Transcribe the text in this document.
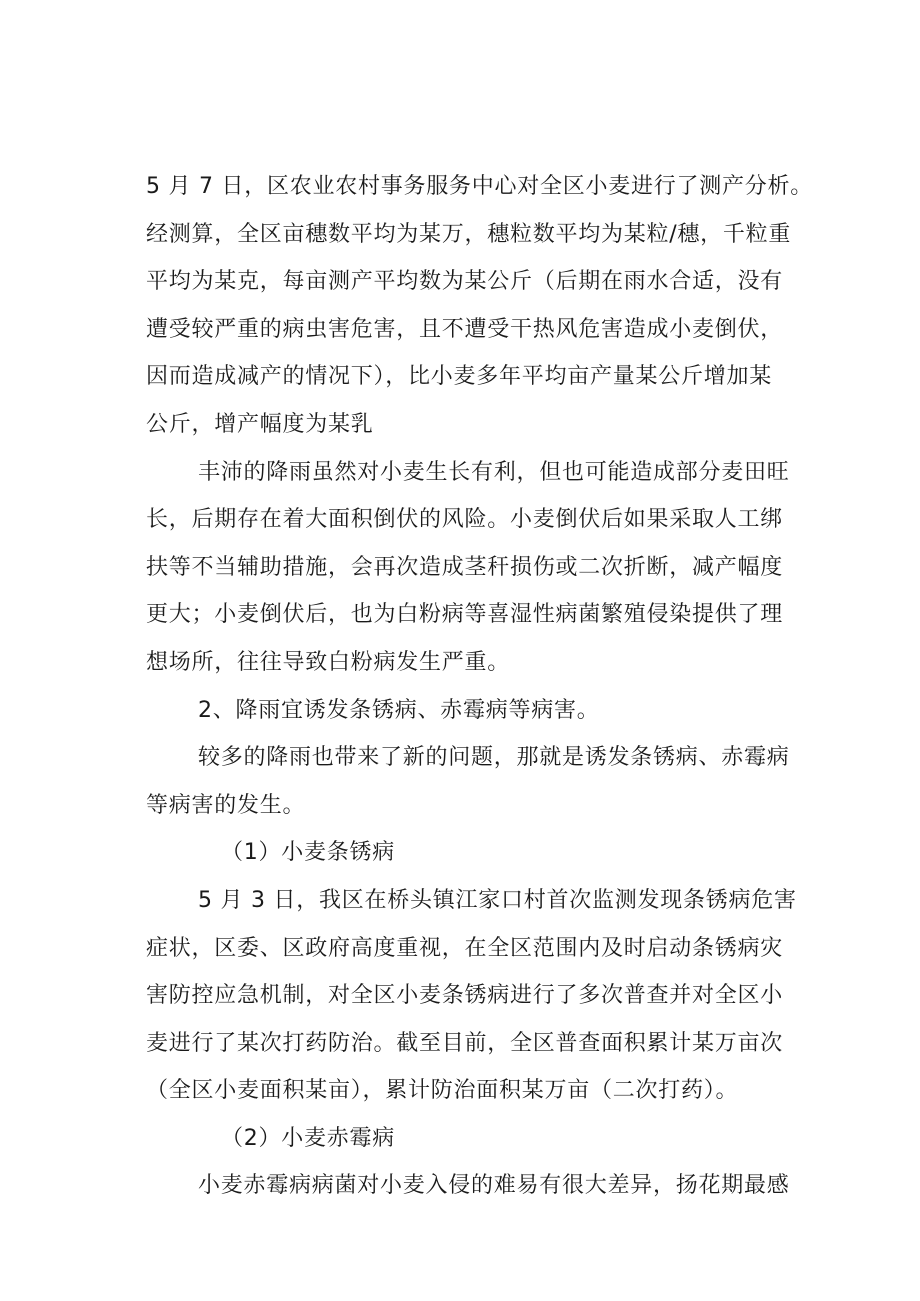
5 月 7 日，区农业农村事务服务中心对全区小麦进行了测产分析。
经测算，全区亩穗数平均为某万，穗粒数平均为某粒/穗，千粒重
平均为某克，每亩测产平均数为某公斤（后期在雨水合适，没有
遭受较严重的病虫害危害，且不遭受干热风危害造成小麦倒伏，
因而造成减产的情况下），比小麦多年平均亩产量某公斤增加某
公斤，增产幅度为某乳
丰沛的降雨虽然对小麦生长有利，但也可能造成部分麦田旺
长，后期存在着大面积倒伏的风险。小麦倒伏后如果采取人工绑
扶等不当辅助措施，会再次造成茎秆损伤或二次折断，减产幅度
更大；小麦倒伏后，也为白粉病等喜湿性病菌繁殖侵染提供了理
想场所，往往导致白粉病发生严重。
2、降雨宜诱发条锈病、赤霉病等病害。
较多的降雨也带来了新的问题，那就是诱发条锈病、赤霉病
等病害的发生。
（1）小麦条锈病
5 月 3 日，我区在桥头镇江家口村首次监测发现条锈病危害
症状，区委、区政府高度重视，在全区范围内及时启动条锈病灾
害防控应急机制，对全区小麦条锈病进行了多次普查并对全区小
麦进行了某次打药防治。截至目前，全区普查面积累计某万亩次
（全区小麦面积某亩），累计防治面积某万亩（二次打药）。
（2）小麦赤霉病
小麦赤霉病病菌对小麦入侵的难易有很大差异，扬花期最感
